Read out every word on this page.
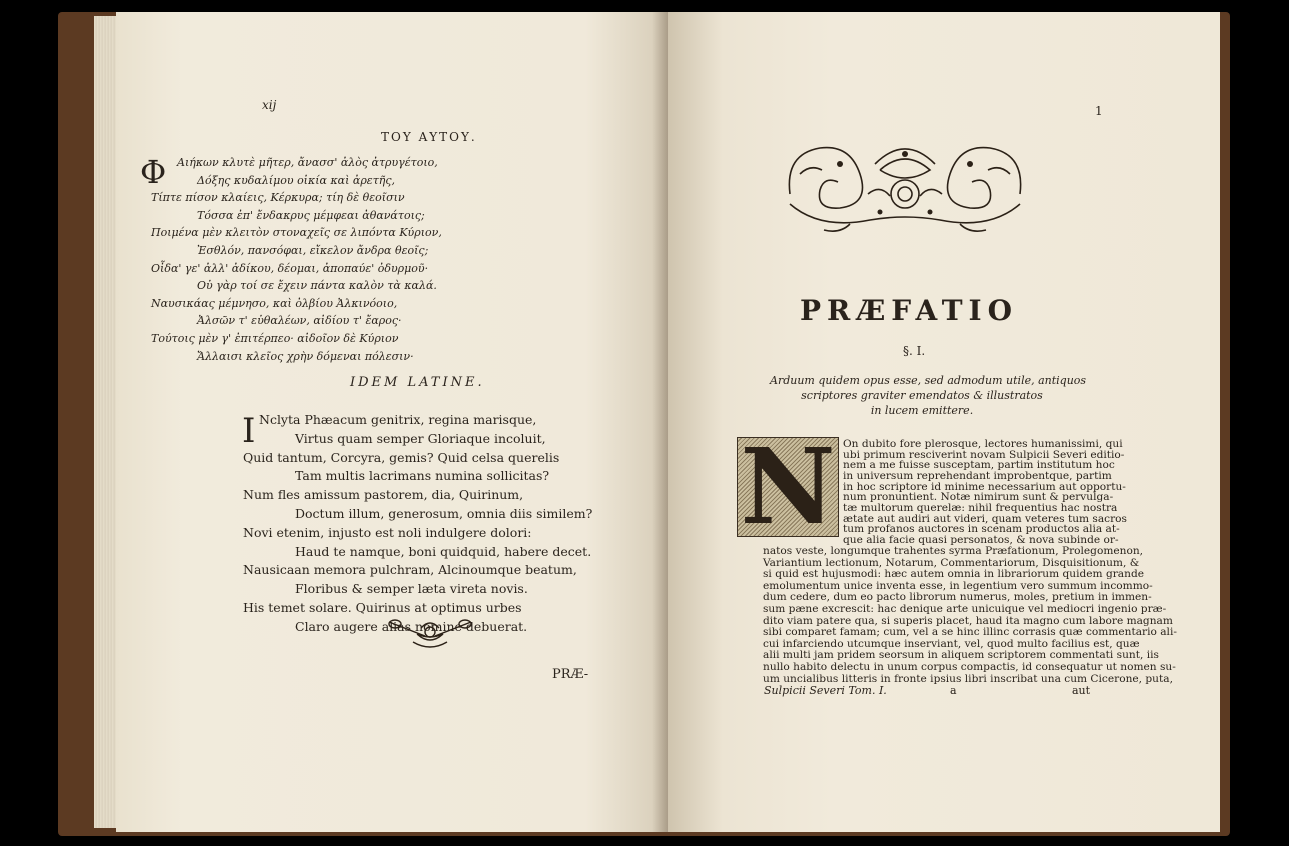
xij
ΤΟΥ ΑΥΤΟΥ.
Φ Αιήκων κλυτὲ μῆτερ, ἄνασσ' ἀλὸς ἀτρυγέτοιο,
Δόξης κυδαλίμου οἰκία καὶ ἀρετῆς,
Τίπτε πίσον κλαίεις, Κέρκυρα; τίη δὲ θεοῖσιν
Τόσσα ἐπ' ἔνδακρυς μέμφεαι ἀθανάτοις;
Ποιμένα μὲν κλειτὸν στοναχεῖς σε λιπόντα Κύριον,
Ἐσθλόν, πανσόφαι, εἴκελον ἄνδρα θεοῖς;
Οἶδα' γε' ἀλλ' ἀδίκου, δέομαι, ἀποπαύε' ὀδυρμοῦ·
Οὐ γὰρ τοί σε ἔχειν πάντα καλὸν τὰ καλά.
Ναυσικάας μέμνησο, καὶ ὀλβίου Ἀλκινόοιο,
Ἀλσῶν τ' εὐθαλέων, αἰδίου τ' ἔαρος·
Τούτοις μὲν γ' ἐπιτέρπεο· αἰδοῖον δὲ Κύριον
Ἄλλαισι κλεῖος χρὴν δόμεναι πόλεσιν·
IDEM LATINE.
I Nclyta Phæacum genitrix, regina marisque,
Virtus quam semper Gloriaque incoluit,
Quid tantum, Corcyra, gemis? Quid celsa querelis
Tam multis lacrimans numina sollicitas?
Num fles amissum pastorem, dia, Quirinum,
Doctum illum, generosum, omnia diis similem?
Novi etenim, injusto est noli indulgere dolori:
Haud te namque, boni quidquid, habere decet.
Nausicaan memora pulchram, Alcinoumque beatum,
Floribus & semper læta vireta novis.
His temet solare. Quirinus at optimus urbes
Claro augere alias nomine debuerat.
PRÆ-
1
PRÆFATIO
§. I.
Arduum quidem opus esse, sed admodum utile, antiquos
scriptores graviter emendatos & illustratos
in lucem emittere.
N On dubito fore plerosque, lectores humanissimi, qui
ubi primum resciverint novam Sulpicii Severi editio-
nem a me fuisse susceptam, partim institutum hoc
in universum reprehendant improbentque, partim
in hoc scriptore id minime necessarium aut opportu-
num pronuntient. Notæ nimirum sunt & pervulga-
tæ multorum querelæ: nihil frequentius hac nostra
ætate aut audiri aut videri, quam veteres tum sacros
tum profanos auctores in scenam productos alia at-
que alia facie quasi personatos, & nova subinde or-
natos veste, longumque trahentes syrma Præfationum, Prolegomenon,
Variantium lectionum, Notarum, Commentariorum, Disquisitionum, &
si quid est hujusmodi: hæc autem omnia in librariorum quidem grande
emolumentum unice inventa esse, in legentium vero summum incommo-
dum cedere, dum eo pacto librorum numerus, moles, pretium in immen-
sum pæne excrescit: hac denique arte unicuique vel mediocri ingenio præ-
dito viam patere qua, si superis placet, haud ita magno cum labore magnam
sibi comparet famam; cum, vel a se hinc illinc corrasis quæ commentario ali-
cui infarciendo utcumque inserviant, vel, quod multo facilius est, quæ
alii multi jam pridem seorsum in aliquem scriptorem commentati sunt, iis
nullo habito delectu in unum corpus compactis, id consequatur ut nomen su-
um uncialibus litteris in fronte ipsius libri inscribat una cum Cicerone, puta,
Sulpicii Severi Tom. I.	a	aut
